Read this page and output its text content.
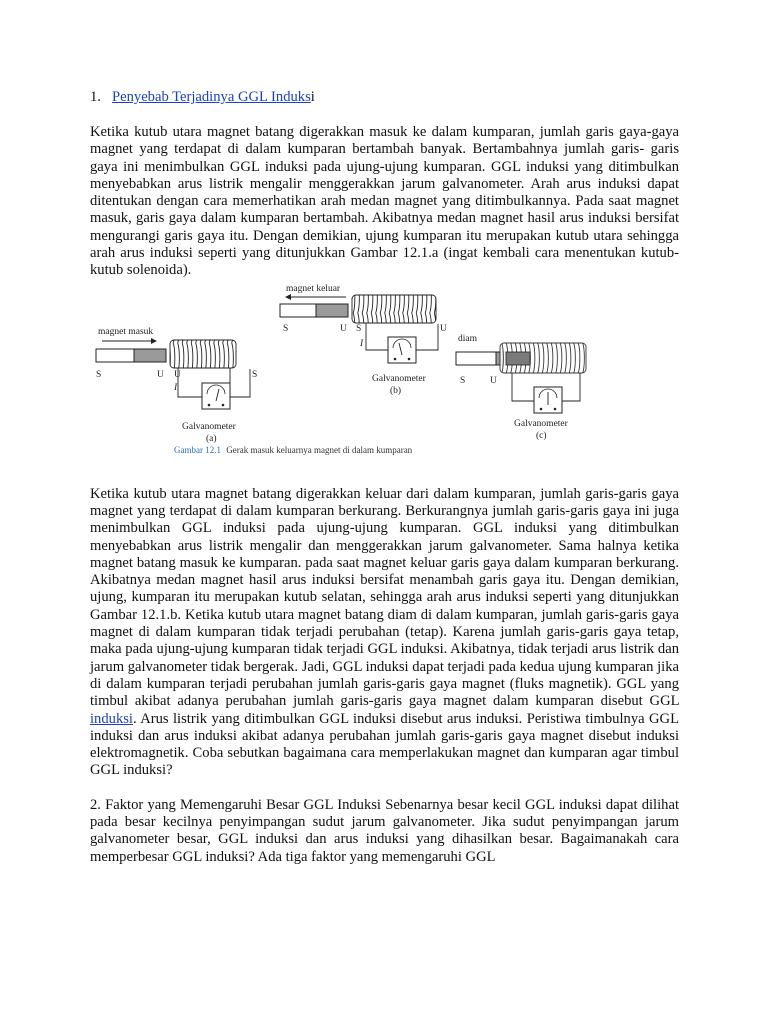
1. Penyebab Terjadinya GGL Induksi

Ketika kutub utara magnet batang digerakkan masuk ke dalam kumparan, jumlah garis gaya-gaya magnet yang terdapat di dalam kumparan bertambah banyak. Bertambahnya jumlah garis- garis gaya ini menimbulkan GGL induksi pada ujung-ujung kumparan. GGL induksi yang ditimbulkan menyebabkan arus listrik mengalir menggerakkan jarum galvanometer. Arah arus induksi dapat ditentukan dengan cara memerhatikan arah medan magnet yang ditimbulkannya. Pada saat magnet masuk, garis gaya dalam kumparan bertambah. Akibatnya medan magnet hasil arus induksi bersifat mengurangi garis gaya itu. Dengan demikian, ujung kumparan itu merupakan kutub utara sehingga arah arus induksi seperti yang ditunjukkan Gambar 12.1.a (ingat kembali cara menentukan kutub-kutub solenoida).

magnet masuk
S	U U	S
I
Galvanometer
(a)
magnet keluar
S	U S	U
I
Galvanometer
(b)
diam
S	U
Galvanometer
(c)
Gambar 12.1 Gerak masuk keluarnya magnet di dalam kumparan

Ketika kutub utara magnet batang digerakkan keluar dari dalam kumparan, jumlah garis-garis gaya magnet yang terdapat di dalam kumparan berkurang. Berkurangnya jumlah garis-garis gaya ini juga menimbulkan GGL induksi pada ujung-ujung kumparan. GGL induksi yang ditimbulkan menyebabkan arus listrik mengalir dan menggerakkan jarum galvanometer. Sama halnya ketika magnet batang masuk ke kumparan. pada saat magnet keluar garis gaya dalam kumparan berkurang. Akibatnya medan magnet hasil arus induksi bersifat menambah garis gaya itu. Dengan demikian, ujung, kumparan itu merupakan kutub selatan, sehingga arah arus induksi seperti yang ditunjukkan Gambar 12.1.b. Ketika kutub utara magnet batang diam di dalam kumparan, jumlah garis-garis gaya magnet di dalam kumparan tidak terjadi perubahan (tetap). Karena jumlah garis-garis gaya tetap, maka pada ujung-ujung kumparan tidak terjadi GGL induksi. Akibatnya, tidak terjadi arus listrik dan jarum galvanometer tidak bergerak. Jadi, GGL induksi dapat terjadi pada kedua ujung kumparan jika di dalam kumparan terjadi perubahan jumlah garis-garis gaya magnet (fluks magnetik). GGL yang timbul akibat adanya perubahan jumlah garis-garis gaya magnet dalam kumparan disebut GGL induksi. Arus listrik yang ditimbulkan GGL induksi disebut arus induksi. Peristiwa timbulnya GGL induksi dan arus induksi akibat adanya perubahan jumlah garis-garis gaya magnet disebut induksi elektromagnetik. Coba sebutkan bagaimana cara memperlakukan magnet dan kumparan agar timbul GGL induksi?

2. Faktor yang Memengaruhi Besar GGL Induksi Sebenarnya besar kecil GGL induksi dapat dilihat pada besar kecilnya penyimpangan sudut jarum galvanometer. Jika sudut penyimpangan jarum galvanometer besar, GGL induksi dan arus induksi yang dihasilkan besar. Bagaimanakah cara memperbesar GGL induksi? Ada tiga faktor yang memengaruhi GGL
